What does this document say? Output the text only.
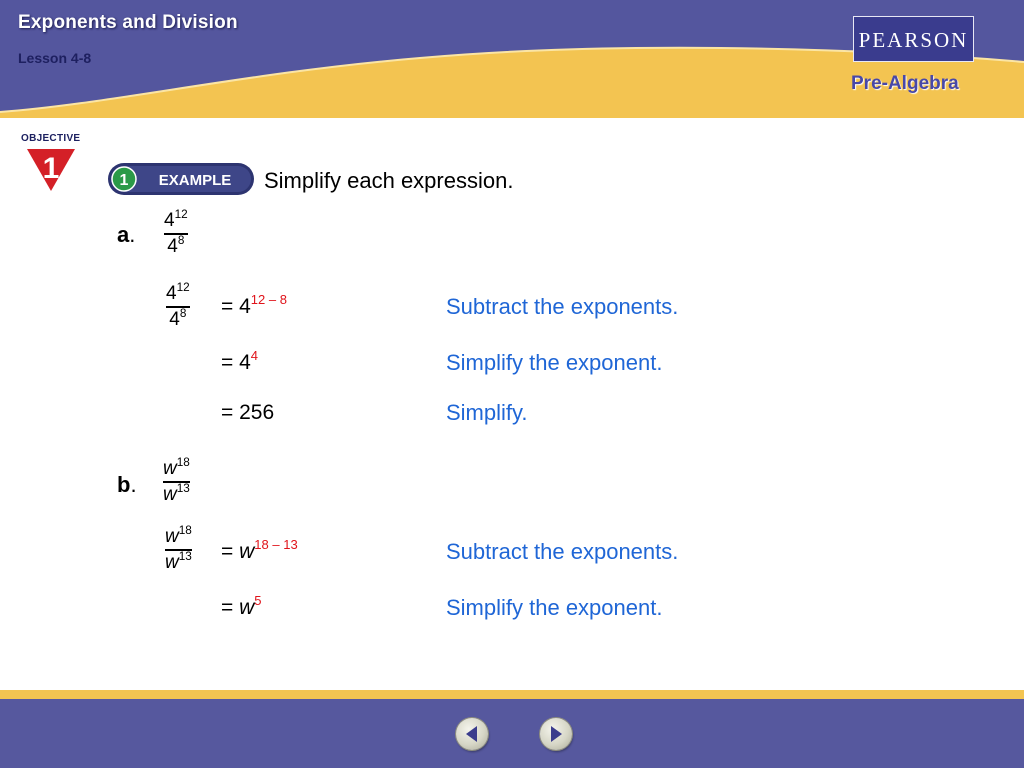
Exponents and Division
Lesson 4-8
PEARSON
Pre-Algebra
OBJECTIVE
1	1 EXAMPLE Simplify each expression.
a.
$4^{12}$
$4^8$
$4^{12}$
$4^8 = 4^{12 - 8}$	Subtract the exponents.
= $4^4$	Simplify the exponent.
= 256	Simplify.
b.
$w^{18}$
$w^{13}$
$w^{18}$
$w^{13} = w^{18 - 13}$	Subtract the exponents.
= $w^5$	Simplify the exponent.
